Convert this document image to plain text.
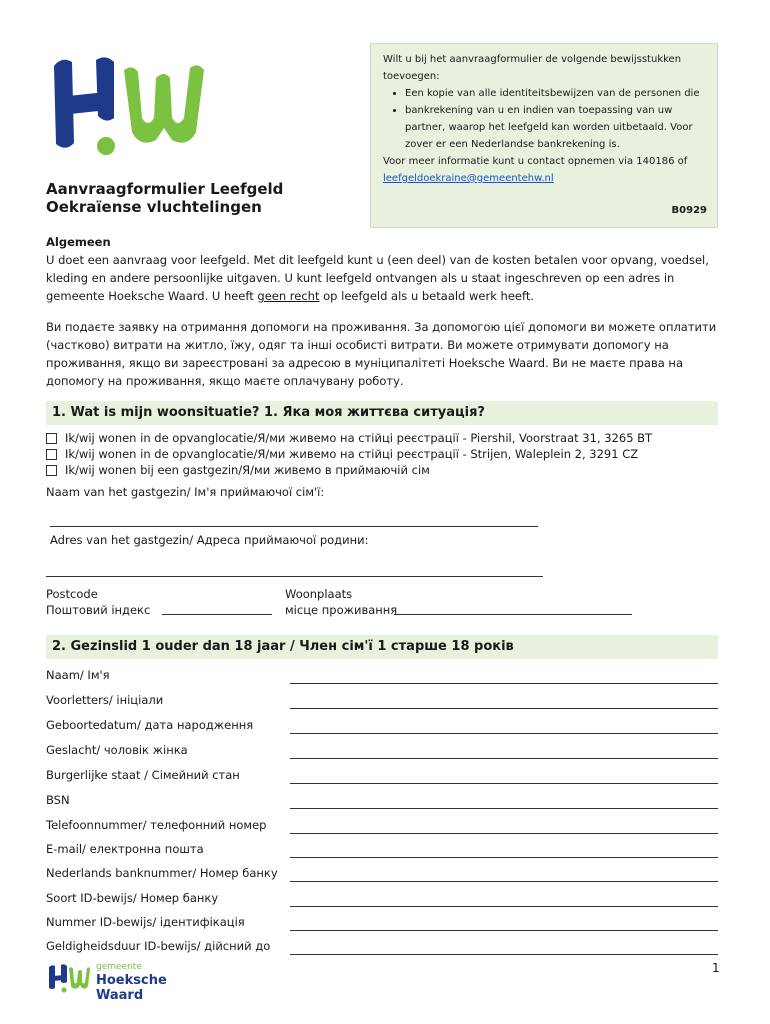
Aanvraagformulier Leefgeld
Oekraïense vluchtelingen
Wilt u bij het aanvraagformulier de volgende bewijsstukken toevoegen:
• Een kopie van alle identiteitsbewijzen van de personen die
• bankrekening van u en indien van toepassing van uw partner, waarop het leefgeld kan worden uitbetaald. Voor zover er een Nederlandse bankrekening is.
Voor meer informatie kunt u contact opnemen via 140186 of
leefgeldoekraine@gemeentehw.nl
B0929
Algemeen
U doet een aanvraag voor leefgeld. Met dit leefgeld kunt u (een deel) van de kosten betalen voor opvang, voedsel, kleding en andere persoonlijke uitgaven. U kunt leefgeld ontvangen als u staat ingeschreven op een adres in gemeente Hoeksche Waard. U heeft geen recht op leefgeld als u betaald werk heeft.
Ви подаєте заявку на отримання допомоги на проживання. За допомогою цієї допомоги ви можете оплатити (частково) витрати на житло, їжу, одяг та інші особисті витрати. Ви можете отримувати допомогу на проживання, якщо ви зареєстровані за адресою в муніципалітеті Hoeksche Waard. Ви не маєте права на допомогу на проживання, якщо маєте оплачувану роботу.
1. Wat is mijn woonsituatie? 1. Яка моя життєва ситуація?
Ik/wij wonen in de opvanglocatie/Я/ми живемо на стійці реєстрації - Piershil, Voorstraat 31, 3265 BT
Ik/wij wonen in de opvanglocatie/Я/ми живемо на стійці реєстрації - Strijen, Waleplein 2, 3291 CZ
Ik/wij wonen bij een gastgezin/Я/ми живемо в приймаючій сім
Naam van het gastgezin/ Ім'я приймаючої сім'ї:
Adres van het gastgezin/ Адреса приймаючої родини:
Postcode
Поштовий індекс
Woonplaats
місце проживання
2. Gezinslid 1 ouder dan 18 jaar / Член сім'ї 1 старше 18 років
Naam/ Ім'я
Voorletters/ ініціали
Geboortedatum/ дата народження
Geslacht/ чоловік жінка
Burgerlijke staat / Сімейний стан
BSN
Telefoonnummer/ телефонний номер
E-mail/ електронна пошта
Nederlands banknummer/ Номер банку
Soort ID-bewijs/ Номер банку
Nummer ID-bewijs/ ідентифікація
Geldigheidsduur ID-bewijs/ дійсний до
gemeente
Hoeksche Waard
1
